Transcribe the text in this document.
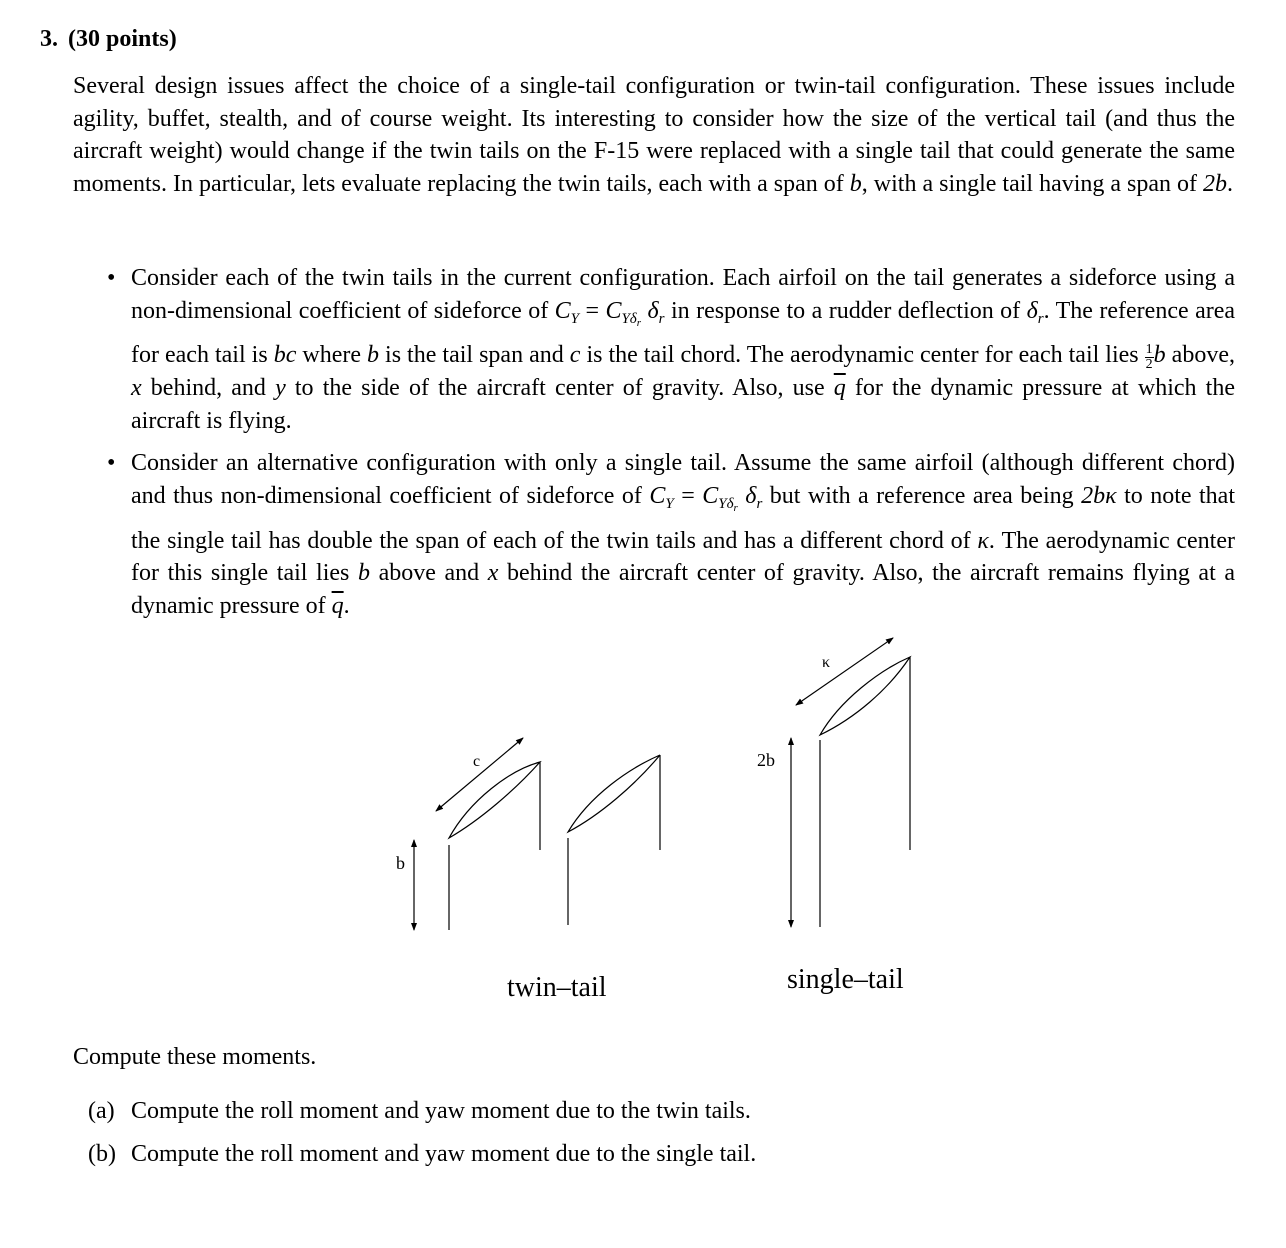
3. (30 points)
Several design issues affect the choice of a single-tail configuration or twin-tail configuration. These issues include agility, buffet, stealth, and of course weight. Its interesting to consider how the size of the vertical tail (and thus the aircraft weight) would change if the twin tails on the F-15 were replaced with a single tail that could generate the same moments. In particular, lets evaluate replacing the twin tails, each with a span of b, with a single tail having a span of 2b.
• Consider each of the twin tails in the current configuration. Each airfoil on the tail generates a sideforce using a non-dimensional coefficient of sideforce of $C_Y = C_{Y\delta_r}$ $\delta_r$ in response to a rudder deflection of $\delta_r$. The reference area for each tail is bc where b is the tail span and c is the tail chord. The aerodynamic center for each tail lies $\frac{1}{2}$ b above, x behind, and y to the side of the aircraft center of gravity. Also, use $\overline{q}$ for the dynamic pressure at which the aircraft is flying.
• Consider an alternative configuration with only a single tail. Assume the same airfoil (although different chord) and thus non-dimensional coefficient of sideforce of $C_Y = C_{Y\delta_r}$ $\delta_r$ but with a reference area being 2bκ to note that the single tail has double the span of each of the twin tails and has a different chord of κ. The aerodynamic center for this single tail lies b above and x behind the aircraft center of gravity. Also, the aircraft remains flying at a dynamic pressure of $\overline{q}$.
c
b
2b
κ
twin–tail	single–tail
Compute these moments.
(a) Compute the roll moment and yaw moment due to the twin tails.
(b) Compute the roll moment and yaw moment due to the single tail.
